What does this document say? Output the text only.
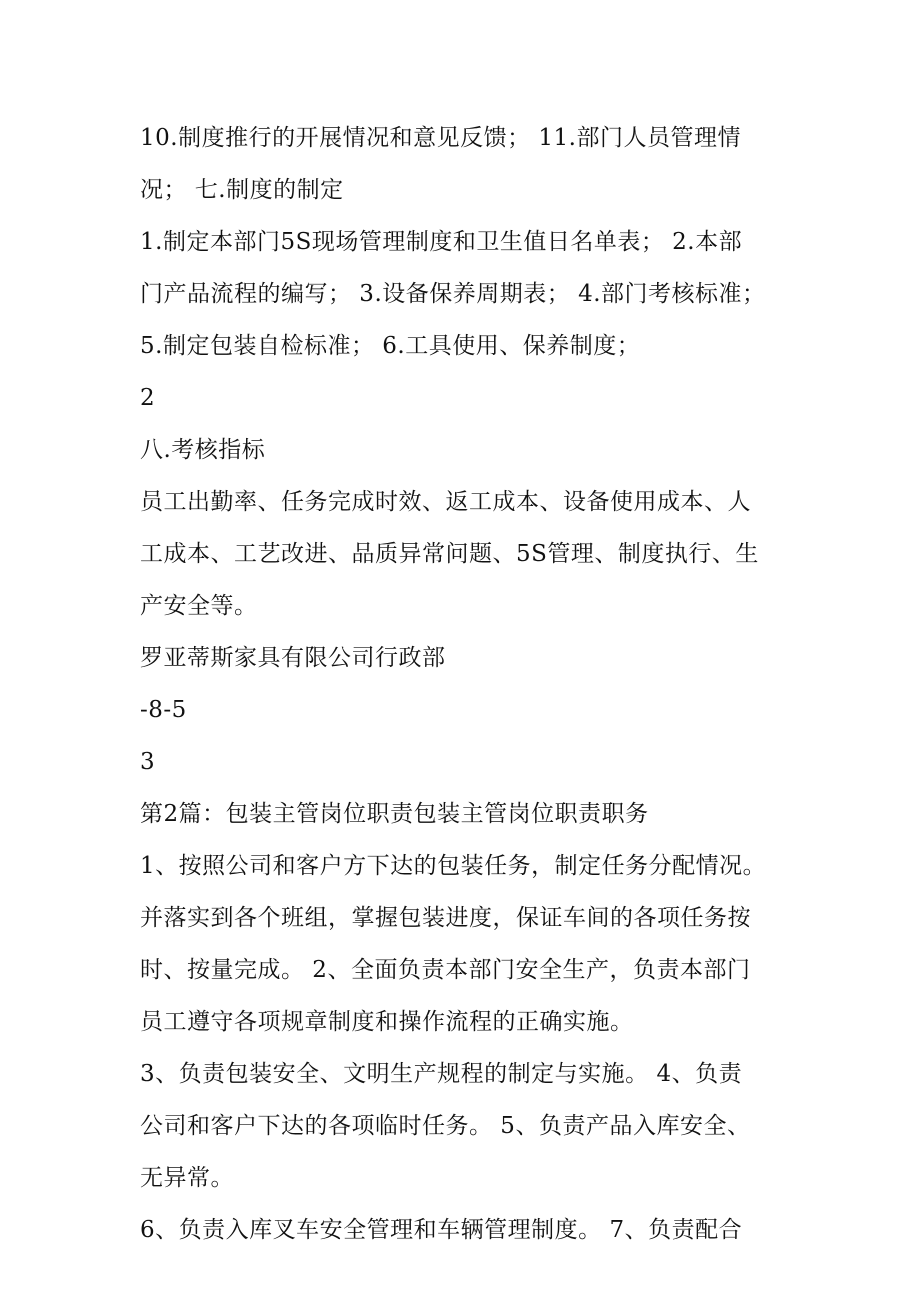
10.制度推行的开展情况和意见反馈； 11.部门人员管理情
况； 七.制度的制定
1.制定本部门5S现场管理制度和卫生值日名单表； 2.本部
门产品流程的编写； 3.设备保养周期表； 4.部门考核标准；
5.制定包装自检标准； 6.工具使用、保养制度；
2
八.考核指标
员工出勤率、任务完成时效、返工成本、设备使用成本、人
工成本、工艺改进、品质异常问题、5S管理、制度执行、生
产安全等。
罗亚蒂斯家具有限公司行政部
-8-5
3
第2篇：包装主管岗位职责包装主管岗位职责职务
1、按照公司和客户方下达的包装任务，制定任务分配情况。
并落实到各个班组，掌握包装进度，保证车间的各项任务按
时、按量完成。 2、全面负责本部门安全生产，负责本部门
员工遵守各项规章制度和操作流程的正确实施。
3、负责包装安全、文明生产规程的制定与实施。 4、负责
公司和客户下达的各项临时任务。 5、负责产品入库安全、
无异常。
6、负责入库叉车安全管理和车辆管理制度。 7、负责配合
